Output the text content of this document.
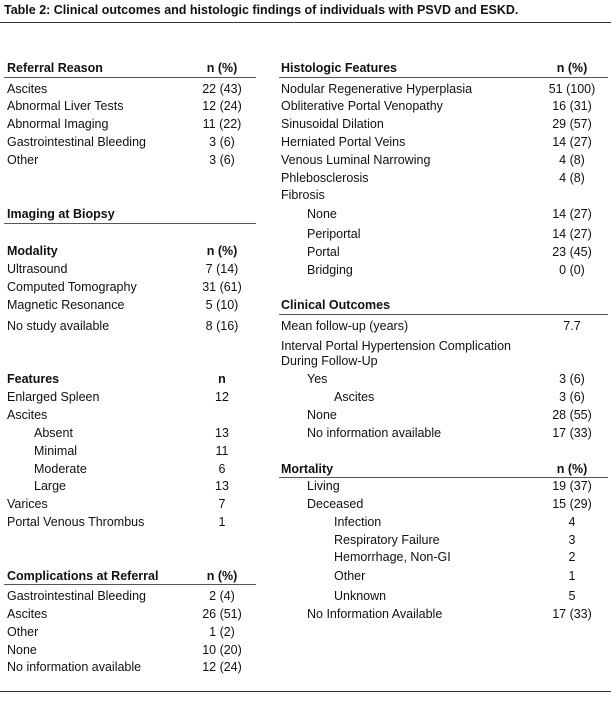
Table 2: Clinical outcomes and histologic findings of individuals with PSVD and ESKD.
Referral Reason	n (%)
Ascites	22 (43)
Abnormal Liver Tests	12 (24)
Abnormal Imaging	11 (22)
Gastrointestinal Bleeding	3 (6)
Other	3 (6)
Imaging at Biopsy
Modality	n (%)
Ultrasound	7 (14)
Computed Tomography	31 (61)
Magnetic Resonance	5 (10)
No study available	8 (16)
Features	n
Enlarged Spleen	12
Ascites
Absent	13
Minimal	11
Moderate	6
Large	13
Varices	7
Portal Venous Thrombus	1
Complications at Referral	n (%)
Gastrointestinal Bleeding	2 (4)
Ascites	26 (51)
Other	1 (2)
None	10 (20)
No information available	12 (24)
Histologic Features	n (%)
Nodular Regenerative Hyperplasia	51 (100)
Obliterative Portal Venopathy	16 (31)
Sinusoidal Dilation	29 (57)
Herniated Portal Veins	14 (27)
Venous Luminal Narrowing	4 (8)
Phlebosclerosis	4 (8)
Fibrosis
None	14 (27)
Periportal	14 (27)
Portal	23 (45)
Bridging	0 (0)
Clinical Outcomes
Mean follow-up (years)	7.7
Interval Portal Hypertension Complication
During Follow-Up
Yes	3 (6)
Ascites	3 (6)
None	28 (55)
No information available	17 (33)
Mortality	n (%)
Living	19 (37)
Deceased	15 (29)
Infection	4
Respiratory Failure	3
Hemorrhage, Non-GI	2
Other	1
Unknown	5
No Information Available	17 (33)
